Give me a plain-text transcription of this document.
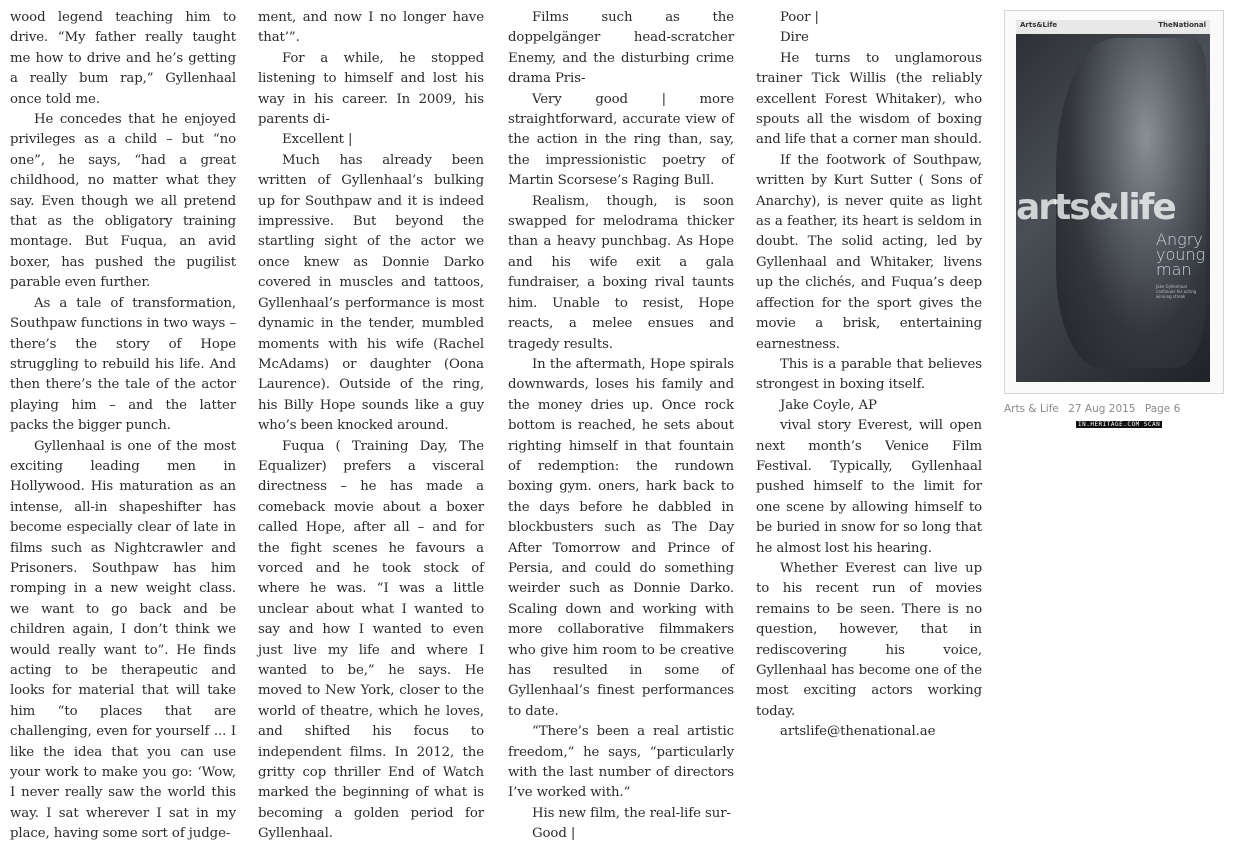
wood legend teaching him to drive. “My father really taught me how to drive and he’s getting a really bum rap,” Gyllenhaal once told me.

He concedes that he enjoyed privileges as a child – but “no one”, he says, “had a great childhood, no matter what they say. Even though we all pretend that as the obligatory training montage. But Fuqua, an avid boxer, has pushed the pugilist parable even further.

As a tale of transformation, Southpaw functions in two ways – there’s the story of Hope struggling to rebuild his life. And then there’s the tale of the actor playing him – and the latter packs the bigger punch.

Gyllenhaal is one of the most exciting leading men in Hollywood. His maturation as an intense, all-in shapeshifter has become especially clear of late in films such as Nightcrawler and Prisoners. Southpaw has him romping in a new weight class. we want to go back and be children again, I don’t think we would really want to”. He finds acting to be therapeutic and looks for material that will take him “to places that are challenging, even for yourself ... I like the idea that you can use your work to make you go: ‘Wow, I never really saw the world this way. I sat wherever I sat in my place, having some sort of judge-

ment, and now I no longer have that’”.

For a while, he stopped listening to himself and lost his way in his career. In 2009, his parents di-

Excellent |

Much has already been written of Gyllenhaal’s bulking up for Southpaw and it is indeed impressive. But beyond the startling sight of the actor we once knew as Donnie Darko covered in muscles and tattoos, Gyllenhaal’s performance is most dynamic in the tender, mumbled moments with his wife (Rachel McAdams) or daughter (Oona Laurence). Outside of the ring, his Billy Hope sounds like a guy who’s been knocked around.

Fuqua ( Training Day, The Equalizer) prefers a visceral directness – he has made a comeback movie about a boxer called Hope, after all – and for the fight scenes he favours a vorced and he took stock of where he was. “I was a little unclear about what I wanted to say and how I wanted to even just live my life and where I wanted to be,” he says. He moved to New York, closer to the world of theatre, which he loves, and shifted his focus to independent films. In 2012, the gritty cop thriller End of Watch marked the beginning of what is becoming a golden period for Gyllenhaal.

Films such as the doppelgänger head-scratcher Enemy, and the disturbing crime drama Pris-

Very good | more straightforward, accurate view of the action in the ring than, say, the impressionistic poetry of Martin Scorsese’s Raging Bull.

Realism, though, is soon swapped for melodrama thicker than a heavy punchbag. As Hope and his wife exit a gala fundraiser, a boxing rival taunts him. Unable to resist, Hope reacts, a melee ensues and tragedy results.

In the aftermath, Hope spirals downwards, loses his family and the money dries up. Once rock bottom is reached, he sets about righting himself in that fountain of redemption: the rundown boxing gym. oners, hark back to the days before he dabbled in blockbusters such as The Day After Tomorrow and Prince of Persia, and could do something weirder such as Donnie Darko. Scaling down and working with more collaborative filmmakers who give him room to be creative has resulted in some of Gyllenhaal’s finest performances to date.

“There’s been a real artistic freedom,” he says, “particularly with the last number of directors I’ve worked with.”

His new film, the real-life sur-

Good |

Poor |

Dire

He turns to unglamorous trainer Tick Willis (the reliably excellent Forest Whitaker), who spouts all the wisdom of boxing and life that a corner man should.

If the footwork of Southpaw, written by Kurt Sutter ( Sons of Anarchy), is never quite as light as a feather, its heart is seldom in doubt. The solid acting, led by Gyllenhaal and Whitaker, livens up the clichés, and Fuqua’s deep affection for the sport gives the movie a brisk, entertaining earnestness.

This is a parable that believes strongest in boxing itself.

Jake Coyle, AP

vival story Everest, will open next month’s Venice Film Festival. Typically, Gyllenhaal pushed himself to the limit for one scene by allowing himself to be buried in snow for so long that he almost lost his hearing.

Whether Everest can live up to his recent run of movies remains to be seen. There is no question, however, that in rediscovering his voice, Gyllenhaal has become one of the most exciting actors working today.

artslife@thenational.ae

Arts&Life	TheNational
arts&life
Angry young man
Jake Gyllenhaal continues his acting winning streak
Arts & Life 27 Aug 2015 Page 6
IN.HERITAGE.COM SCAN
